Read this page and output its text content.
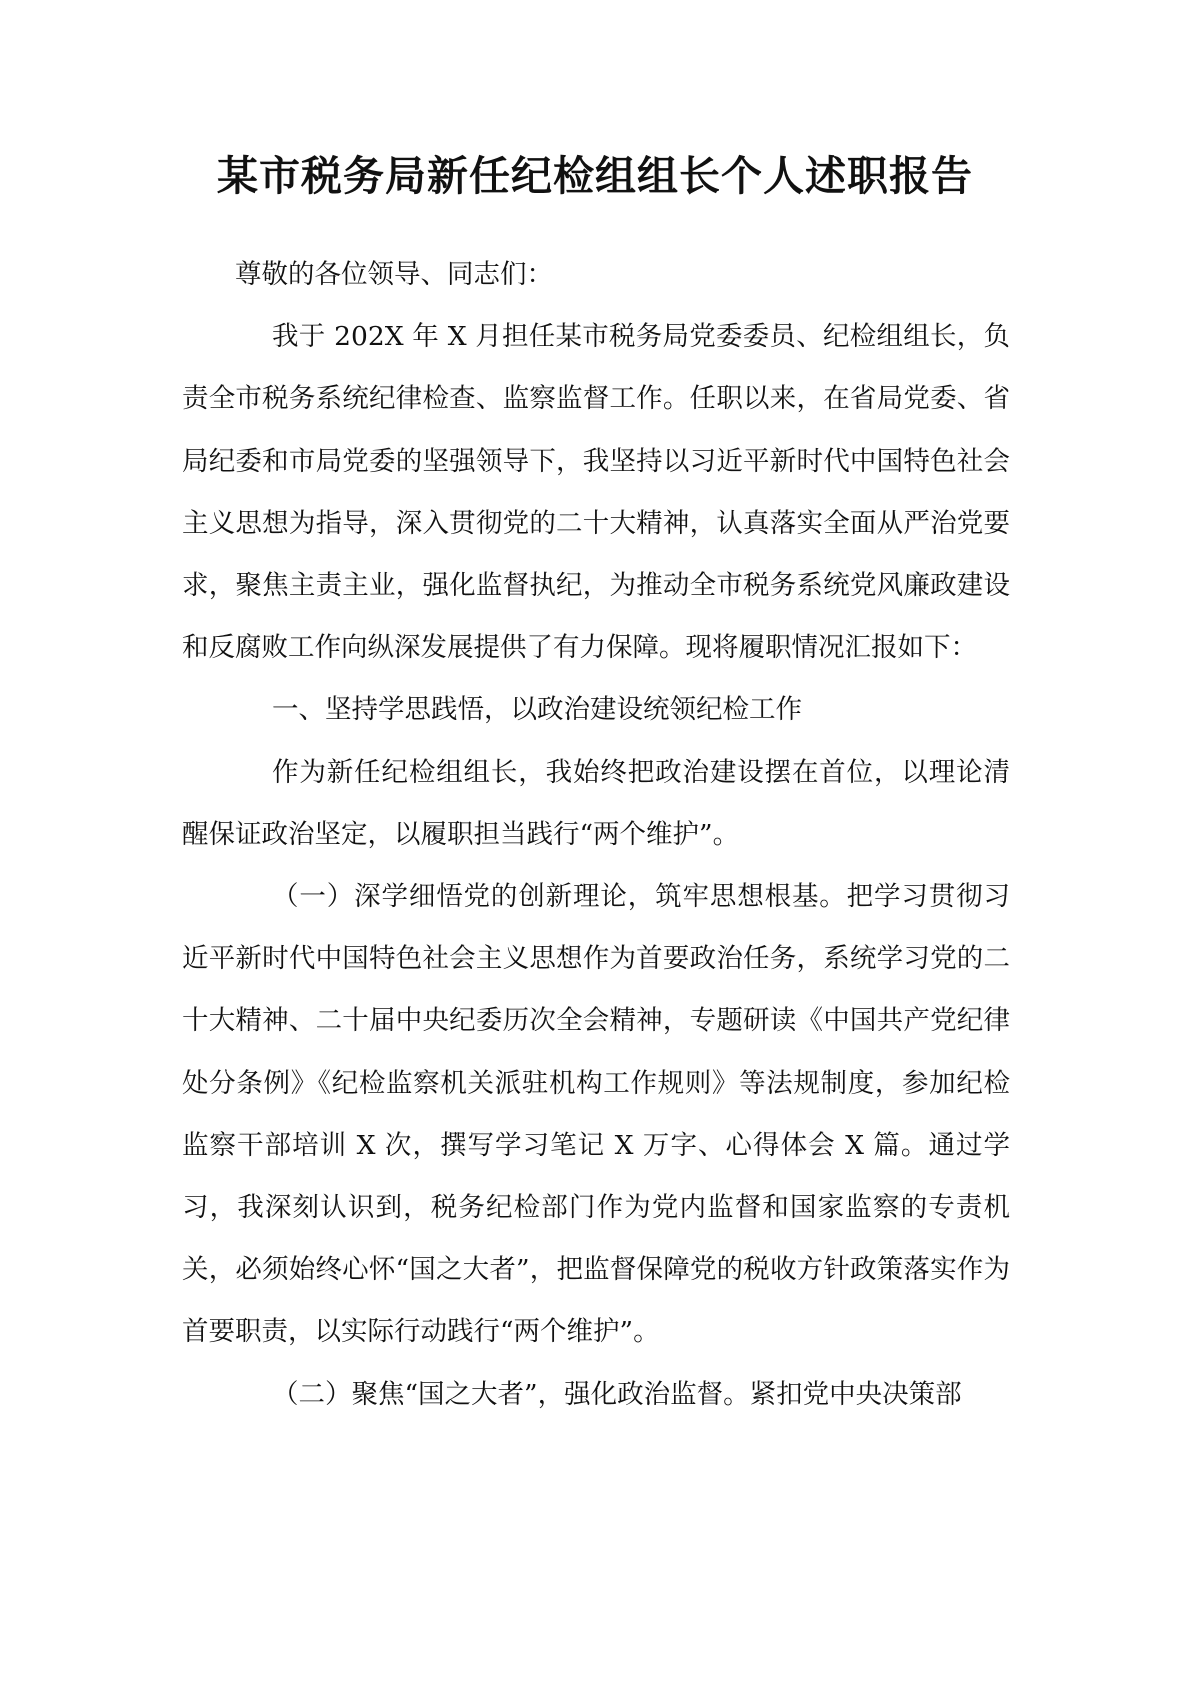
某市税务局新任纪检组组长个人述职报告

尊敬的各位领导、同志们：

我于 202X 年 X 月担任某市税务局党委委员、纪检组组长，负责全市税务系统纪律检查、监察监督工作。任职以来，在省局党委、省局纪委和市局党委的坚强领导下，我坚持以习近平新时代中国特色社会主义思想为指导，深入贯彻党的二十大精神，认真落实全面从严治党要求，聚焦主责主业，强化监督执纪，为推动全市税务系统党风廉政建设和反腐败工作向纵深发展提供了有力保障。现将履职情况汇报如下：

一、坚持学思践悟，以政治建设统领纪检工作

作为新任纪检组组长，我始终把政治建设摆在首位，以理论清醒保证政治坚定，以履职担当践行“两个维护”。

（一）深学细悟党的创新理论，筑牢思想根基。把学习贯彻习近平新时代中国特色社会主义思想作为首要政治任务，系统学习党的二十大精神、二十届中央纪委历次全会精神，专题研读《中国共产党纪律处分条例》《纪检监察机关派驻机构工作规则》等法规制度，参加纪检监察干部培训 X 次，撰写学习笔记 X 万字、心得体会 X 篇。通过学习，我深刻认识到，税务纪检部门作为党内监督和国家监察的专责机关，必须始终心怀“国之大者”，把监督保障党的税收方针政策落实作为首要职责，以实际行动践行“两个维护”。

（二）聚焦“国之大者”，强化政治监督。紧扣党中央决策部
